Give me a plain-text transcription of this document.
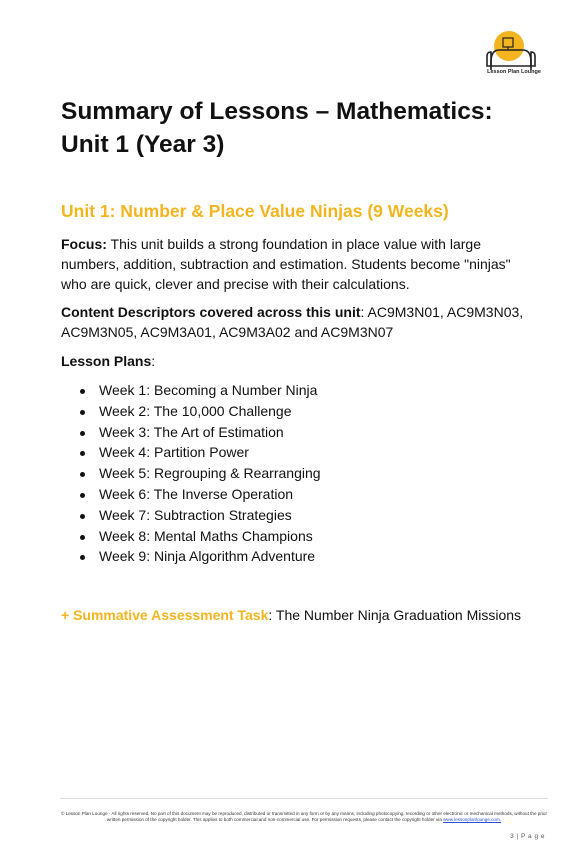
Lesson Plan Lounge
Summary of Lessons – Mathematics: Unit 1 (Year 3)
Unit 1: Number & Place Value Ninjas (9 Weeks)
Focus: This unit builds a strong foundation in place value with large numbers, addition, subtraction and estimation. Students become "ninjas" who are quick, clever and precise with their calculations.
Content Descriptors covered across this unit: AC9M3N01, AC9M3N03, AC9M3N05, AC9M3A01, AC9M3A02 and AC9M3N07
Lesson Plans:
Week 1: Becoming a Number Ninja
Week 2: The 10,000 Challenge
Week 3: The Art of Estimation
Week 4: Partition Power
Week 5: Regrouping & Rearranging
Week 6: The Inverse Operation
Week 7: Subtraction Strategies
Week 8: Mental Maths Champions
Week 9: Ninja Algorithm Adventure
+ Summative Assessment Task: The Number Ninja Graduation Missions
© Lesson Plan Lounge - All rights reserved. No part of this document may be reproduced, distributed or transmitted in any form or by any means, including photocopying, recording or other electronic or mechanical methods, without the prior written permission of the copyright holder. This applies to both commercial and non-commercial use. For permission requests, please contact the copyright holder via www.lessonplanlounge.com.
3 | P a g e
